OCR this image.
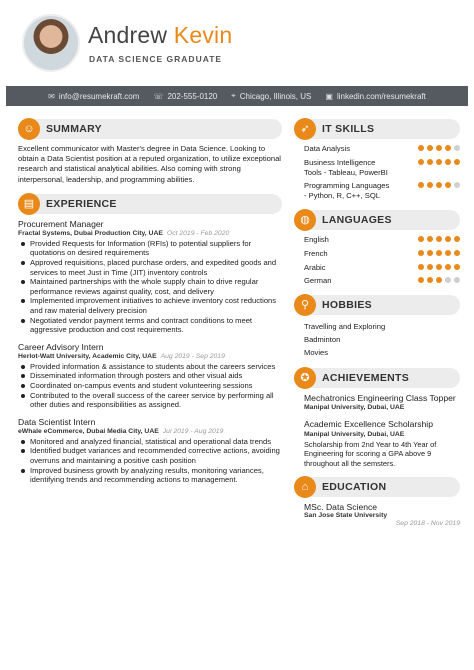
Andrew Kevin
DATA SCIENCE GRADUATE
✉ info@resumekraft.com ☏ 202-555-0120 ⌖ Chicago, Illinois, US ▣ linkedin.com/resumekraft
☺	SUMMARY
Excellent communicator with Master's degree in Data Science. Looking to obtain a Data Scientist position at a reputed organization, to utilize exceptional research and statistical analytical abilities. Also coming with strong interpersonal, leadership, and programming abilities.
▤	EXPERIENCE
Procurement Manager
Fractal Systems, Dubai Production City, UAE Oct 2019 - Feb 2020
Provided Requests for Information (RFIs) to potential suppliers for quotations on desired requirements
Approved requisitions, placed purchase orders, and expedited goods and services to meet Just in Time (JIT) inventory controls
Maintained partnerships with the whole supply chain to drive regular performance reviews against quality, cost, and delivery
Implemented improvement initiatives to achieve inventory cost reductions and raw material delivery precision
Negotiated vendor payment terms and contract conditions to meet aggressive production and cost requirements.
Career Advisory Intern
Herlot-Watt University, Academic City, UAE Aug 2019 - Sep 2019
Provided information & assistance to students about the careers services
Disseminated information through posters and other visual aids
Coordinated on-campus events and student volunteering sessions
Contributed to the overall success of the career service by performing all other duties and responsibilities as assigned.
Data Scientist Intern
eWhale eCommerce, Dubai Media City, UAE Jul 2019 - Aug 2019
Monitored and analyzed financial, statistical and operational data trends
Identified budget variances and recommended corrective actions, avoiding overruns and maintaining a positive cash position
Improved business growth by analyzing results, monitoring variances, identifying trends and recommending actions to management.
➶	IT SKILLS
Data Analysis
Business Intelligence Tools - Tableau, PowerBI
Programming Languages - Python, R, C++, SQL
◍	LANGUAGES
English
French
Arabic
German
⚲	HOBBIES
Travelling and Exploring
Badminton
Movies
✪	ACHIEVEMENTS
Mechatronics Engineering Class Topper
Manipal University, Dubai, UAE
Academic Excellence Scholarship
Manipal University, Dubai, UAE
Scholarship from 2nd Year to 4th Year of Engineering for scoring a GPA above 9 throughout all the semsters.
⌂	EDUCATION
MSc. Data Science
San Jose State University
Sep 2018 - Nov 2019
